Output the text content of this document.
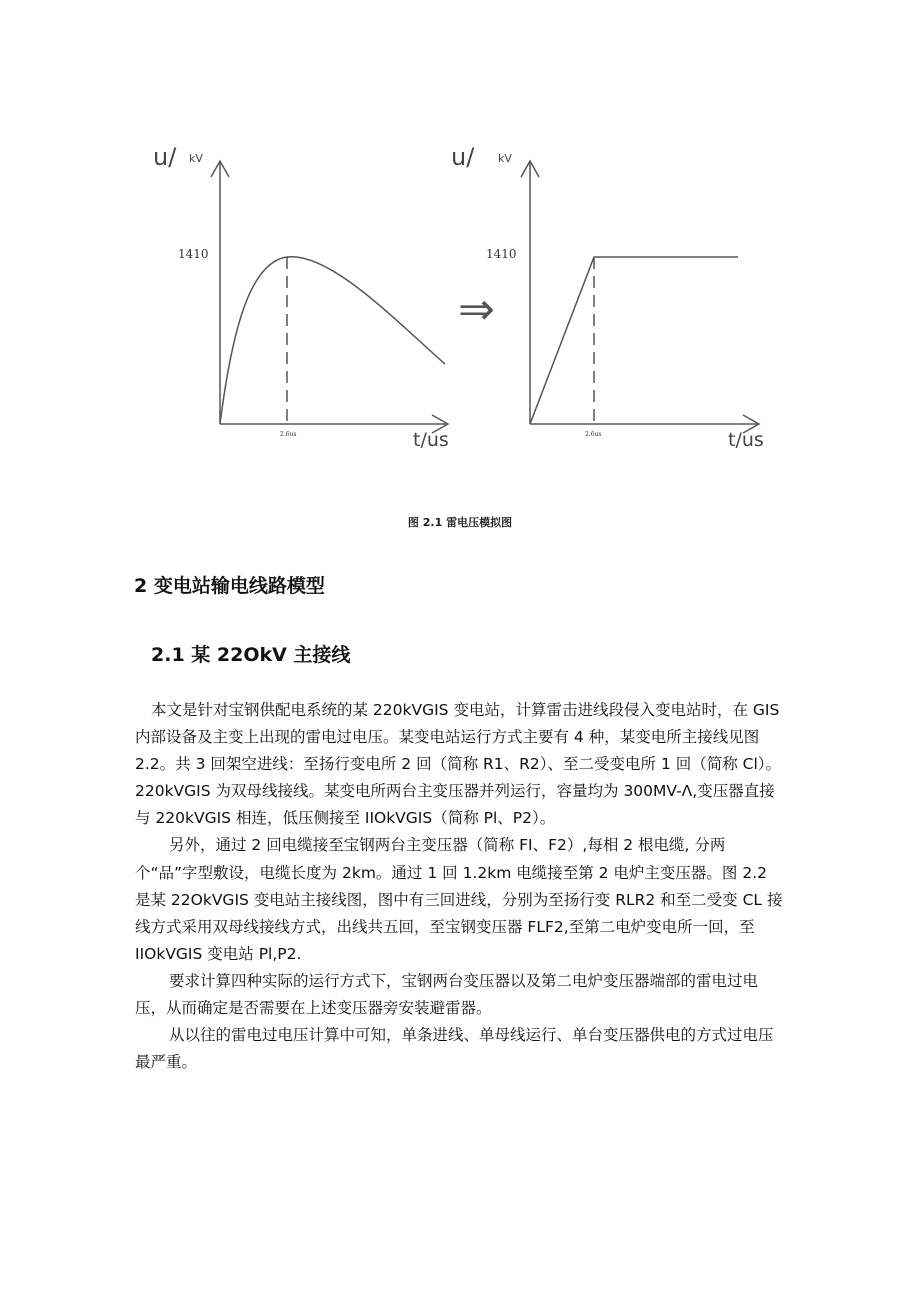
u/ kV
1410
2.6us	t/us
⇒
u/ kV
1410
2.6us	t/us
图 2.1 雷电压模拟图
2 变电站输电线路模型
2.1 某 22OkV 主接线

本文是针对宝钢供配电系统的某 220kVGIS 变电站，计算雷击进线段侵入变电站时，在 GIS 内部设备及主变上出现的雷电过电压。某变电站运行方式主要有 4 种，某变电所主接线见图 2.2。共 3 回架空进线：至扬行变电所 2 回（简称 R1、R2）、至二受变电所 1 回（简称 Cl）。220kVGIS 为双母线接线。某变电所两台主变压器并列运行，容量均为 300MV-Λ,变压器直接与 220kVGIS 相连，低压侧接至 IIOkVGIS（简称 Pl、P2）。

另外，通过 2 回电缆接至宝钢两台主变压器（简称 FI、F2）,每相 2 根电缆, 分两个“品”字型敷设，电缆长度为 2km。通过 1 回 1.2km 电缆接至第 2 电炉主变压器。图 2.2 是某 22OkVGIS 变电站主接线图，图中有三回进线，分别为至扬行变 RLR2 和至二受变 CL 接线方式采用双母线接线方式，出线共五回，至宝钢变压器 FLF2,至第二电炉变电所一回，至 IIOkVGIS 变电站 Pl,P2.

要求计算四种实际的运行方式下，宝钢两台变压器以及第二电炉变压器端部的雷电过电压，从而确定是否需要在上述变压器旁安装避雷器。

从以往的雷电过电压计算中可知，单条进线、单母线运行、单台变压器供电的方式过电压最严重。
